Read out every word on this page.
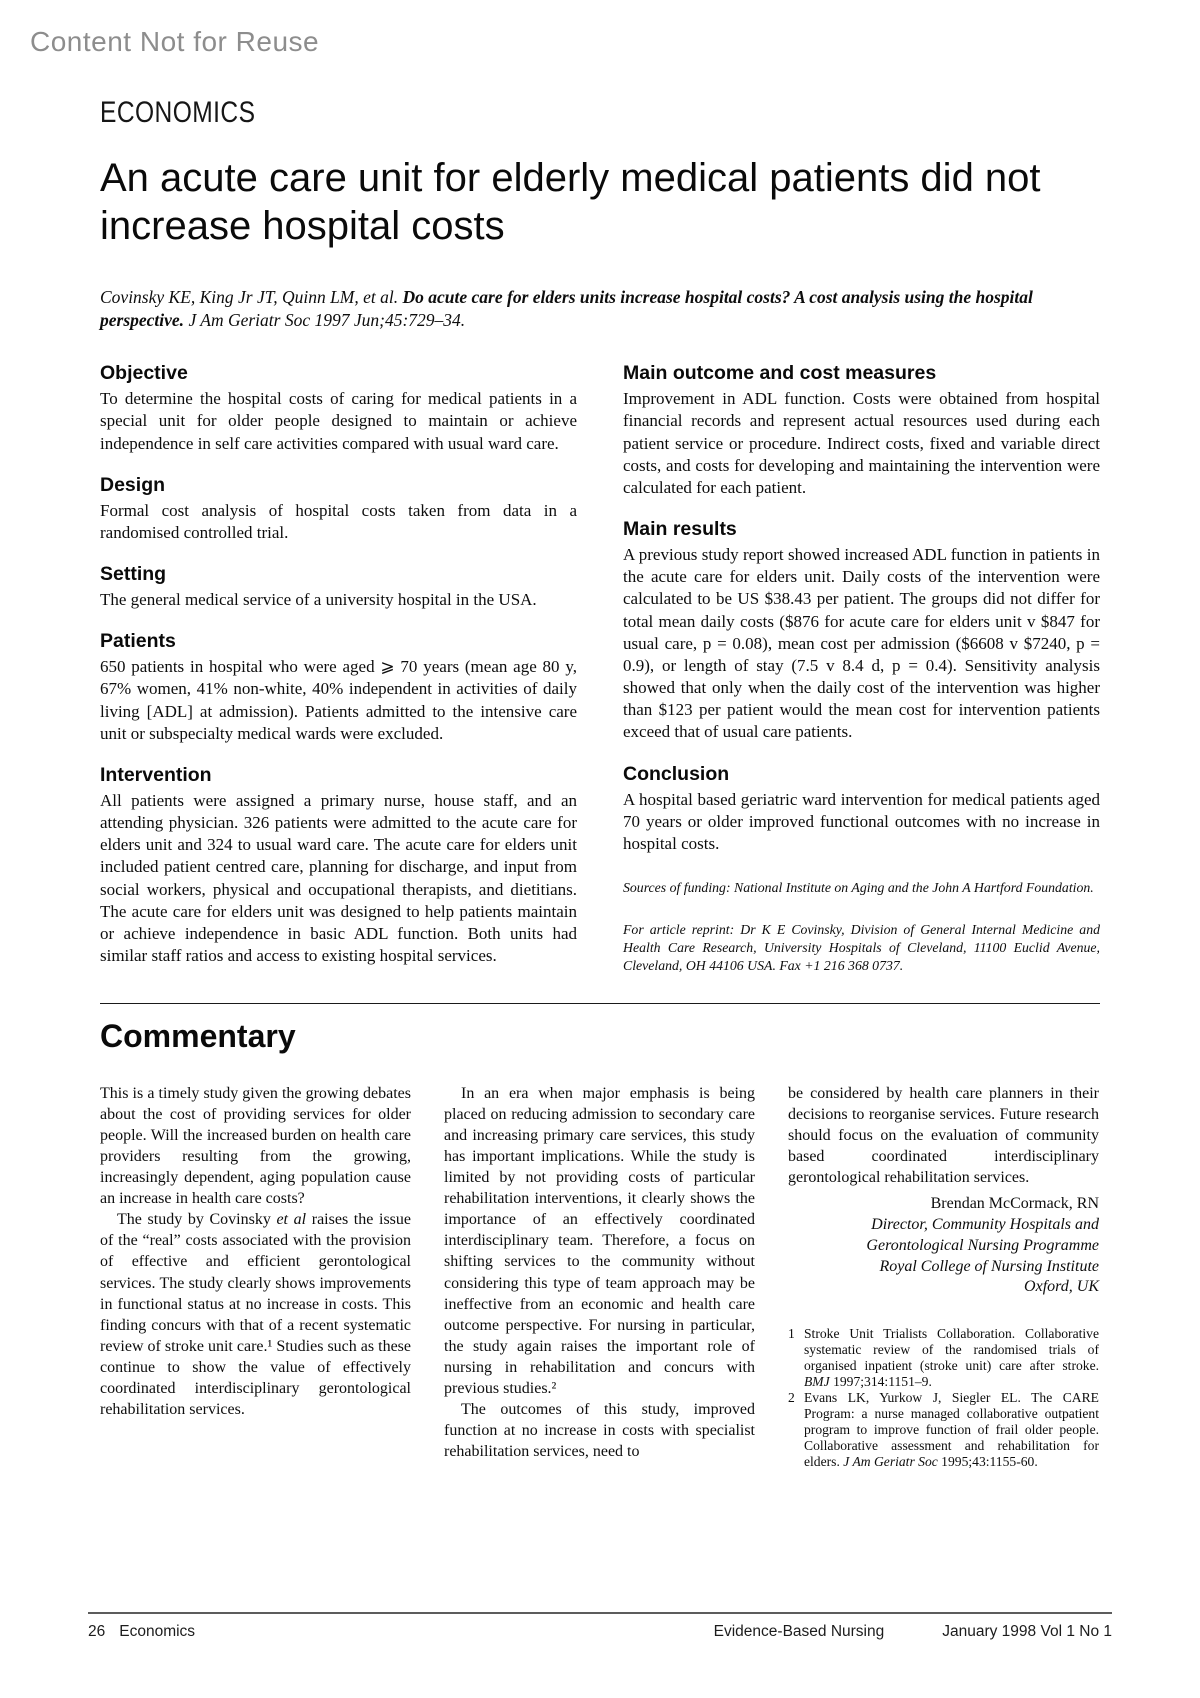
Content Not for Reuse
ECONOMICS
An acute care unit for elderly medical patients did not increase hospital costs

Covinsky KE, King Jr JT, Quinn LM, et al. Do acute care for elders units increase hospital costs? A cost analysis using the hospital perspective. J Am Geriatr Soc 1997 Jun;45:729–34.

Objective

To determine the hospital costs of caring for medical patients in a special unit for older people designed to maintain or achieve independence in self care activities compared with usual ward care.

Design

Formal cost analysis of hospital costs taken from data in a randomised controlled trial.

Setting

The general medical service of a university hospital in the USA.

Patients

650 patients in hospital who were aged ⩾ 70 years (mean age 80 y, 67% women, 41% non-white, 40% independent in activities of daily living [ADL] at admission). Patients admitted to the intensive care unit or subspecialty medical wards were excluded.

Intervention

All patients were assigned a primary nurse, house staff, and an attending physician. 326 patients were admitted to the acute care for elders unit and 324 to usual ward care. The acute care for elders unit included patient centred care, planning for discharge, and input from social workers, physical and occupational therapists, and dietitians. The acute care for elders unit was designed to help patients maintain or achieve independence in basic ADL function. Both units had similar staff ratios and access to existing hospital services.

Main outcome and cost measures

Improvement in ADL function. Costs were obtained from hospital financial records and represent actual resources used during each patient service or procedure. Indirect costs, fixed and variable direct costs, and costs for developing and maintaining the intervention were calculated for each patient.

Main results

A previous study report showed increased ADL function in patients in the acute care for elders unit. Daily costs of the intervention were calculated to be US $38.43 per patient. The groups did not differ for total mean daily costs ($876 for acute care for elders unit v $847 for usual care, p = 0.08), mean cost per admission ($6608 v $7240, p = 0.9), or length of stay (7.5 v 8.4 d, p = 0.4). Sensitivity analysis showed that only when the daily cost of the intervention was higher than $123 per patient would the mean cost for intervention patients exceed that of usual care patients.

Conclusion

A hospital based geriatric ward intervention for medical patients aged 70 years or older improved functional outcomes with no increase in hospital costs.

Sources of funding: National Institute on Aging and the John A Hartford Foundation.

For article reprint: Dr K E Covinsky, Division of General Internal Medicine and Health Care Research, University Hospitals of Cleveland, 11100 Euclid Avenue, Cleveland, OH 44106 USA. Fax +1 216 368 0737.

Commentary

This is a timely study given the growing debates about the cost of providing services for older people. Will the increased burden on health care providers resulting from the growing, increasingly dependent, aging population cause an increase in health care costs?

The study by Covinsky et al raises the issue of the “real” costs associated with the provision of effective and efficient gerontological services. The study clearly shows improvements in functional status at no increase in costs. This finding concurs with that of a recent systematic review of stroke unit care.¹ Studies such as these continue to show the value of effectively coordinated interdisciplinary gerontological rehabilitation services.

In an era when major emphasis is being placed on reducing admission to secondary care and increasing primary care services, this study has important implications. While the study is limited by not providing costs of particular rehabilitation interventions, it clearly shows the importance of an effectively coordinated interdisciplinary team. Therefore, a focus on shifting services to the community without considering this type of team approach may be ineffective from an economic and health care outcome perspective. For nursing in particular, the study again raises the important role of nursing in rehabilitation and concurs with previous studies.²

The outcomes of this study, improved function at no increase in costs with specialist rehabilitation services, need to

be considered by health care planners in their decisions to reorganise services. Future research should focus on the evaluation of community based coordinated interdisciplinary gerontological rehabilitation services.

Brendan McCormack, RN
Director, Community Hospitals and
Gerontological Nursing Programme
Royal College of Nursing Institute
Oxford, UK
1 Stroke Unit Trialists Collaboration. Collaborative systematic review of the randomised trials of organised inpatient (stroke unit) care after stroke. BMJ 1997;314:1151–9.
2 Evans LK, Yurkow J, Siegler EL. The CARE Program: a nurse managed collaborative outpatient program to improve function of frail older people. Collaborative assessment and rehabilitation for elders. J Am Geriatr Soc 1995;43:1155-60.
26 Economics	Evidence-Based Nursing	January 1998 Vol 1 No 1
